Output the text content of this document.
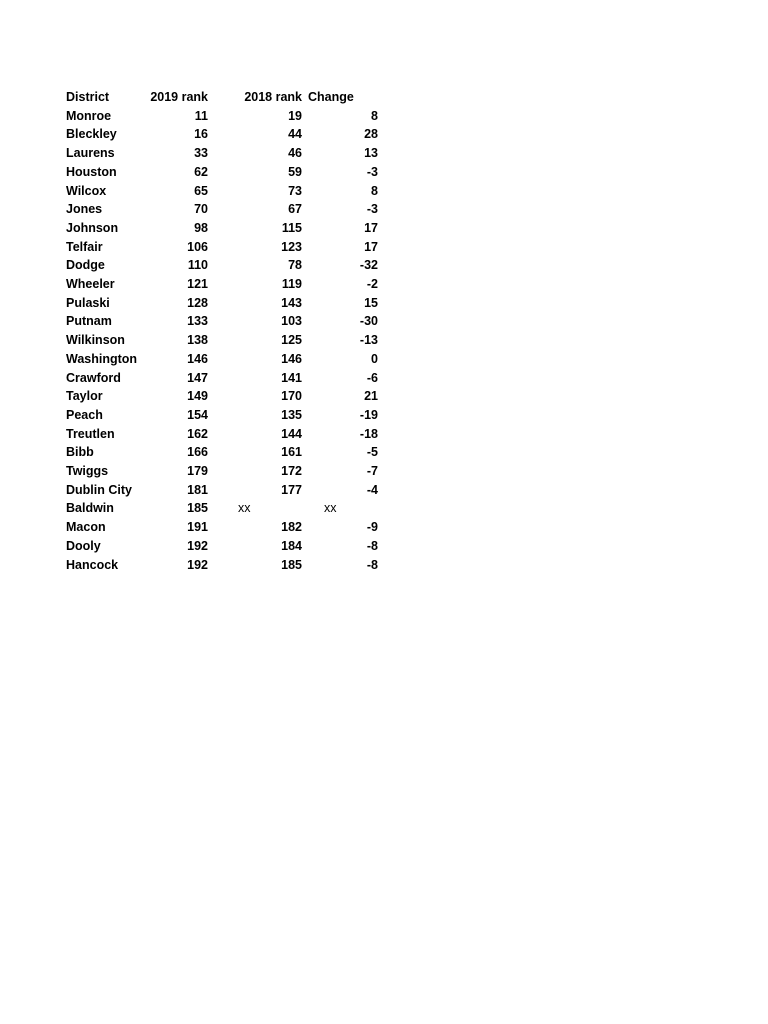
District	2019 rank	2018 rank	Change
Monroe	11	19	8
Bleckley	16	44	28
Laurens	33	46	13
Houston	62	59	-3
Wilcox	65	73	8
Jones	70	67	-3
Johnson	98	115	17
Telfair	106	123	17
Dodge	110	78	-32
Wheeler	121	119	-2
Pulaski	128	143	15
Putnam	133	103	-30
Wilkinson	138	125	-13
Washington	146	146	0
Crawford	147	141	-6
Taylor	149	170	21
Peach	154	135	-19
Treutlen	162	144	-18
Bibb	166	161	-5
Twiggs	179	172	-7
Dublin City	181	177	-4
Baldwin	185	xx	xx
Macon	191	182	-9
Dooly	192	184	-8
Hancock	192	185	-8
